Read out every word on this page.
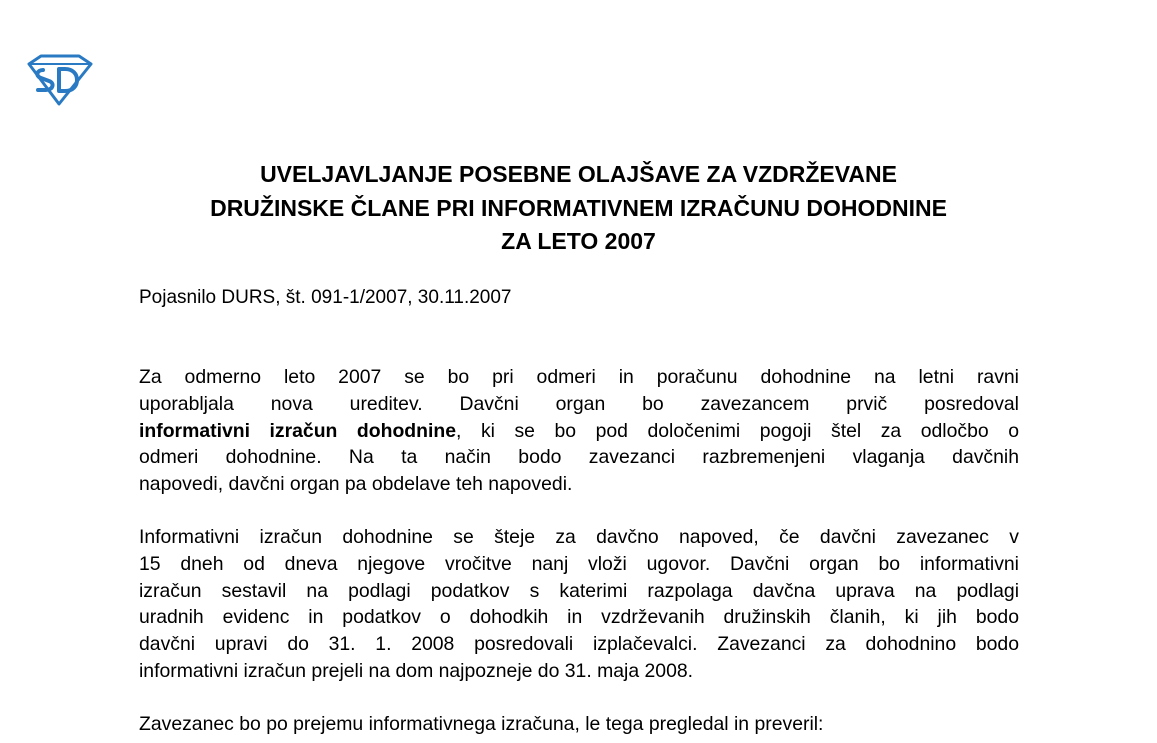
UVELJAVLJANJE POSEBNE OLAJŠAVE ZA VZDRŽEVANE
DRUŽINSKE ČLANE PRI INFORMATIVNEM IZRAČUNU DOHODNINE
ZA LETO 2007

Pojasnilo DURS, št. 091-1/2007, 30.11.2007

Za odmerno leto 2007 se bo pri odmeri in poračunu dohodnine na letni ravni
uporabljala nova ureditev. Davčni organ bo zavezancem prvič posredoval
informativni izračun dohodnine, ki se bo pod določenimi pogoji štel za odločbo o
odmeri dohodnine. Na ta način bodo zavezanci razbremenjeni vlaganja davčnih
napovedi, davčni organ pa obdelave teh napovedi.

Informativni izračun dohodnine se šteje za davčno napoved, če davčni zavezanec v
15 dneh od dneva njegove vročitve nanj vloži ugovor. Davčni organ bo informativni
izračun sestavil na podlagi podatkov s katerimi razpolaga davčna uprava na podlagi
uradnih evidenc in podatkov o dohodkih in vzdrževanih družinskih članih, ki jih bodo
davčni upravi do 31. 1. 2008 posredovali izplačevalci. Zavezanci za dohodnino bodo
informativni izračun prejeli na dom najpozneje do 31. maja 2008.

Zavezanec bo po prejemu informativnega izračuna, le tega pregledal in preveril:
